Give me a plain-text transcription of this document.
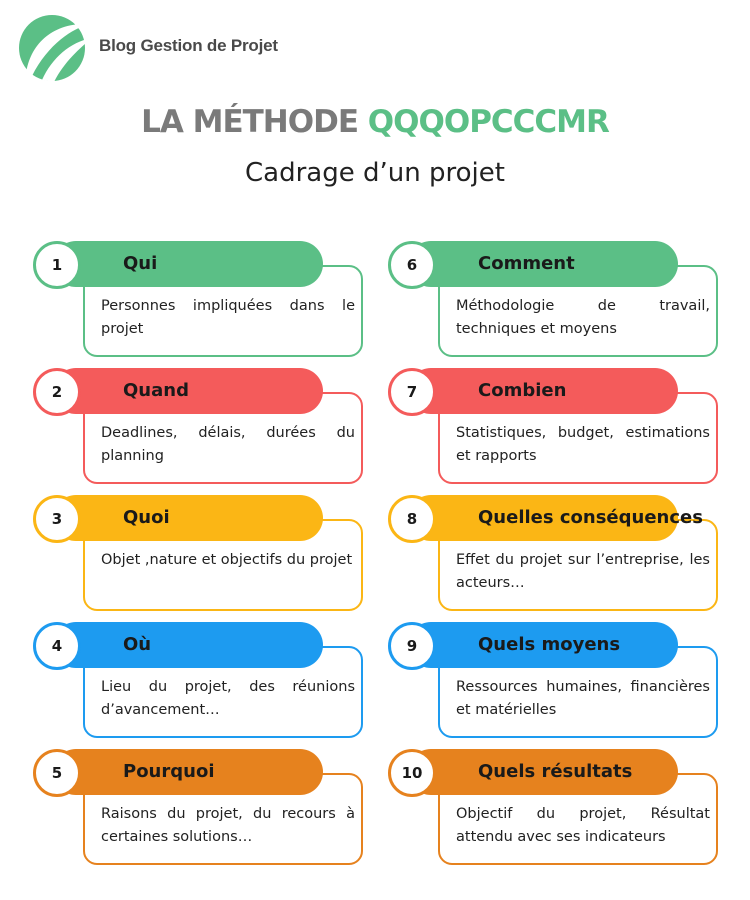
Blog Gestion de Projet
LA MÉTHODE QQQOPCCCMR
Cadrage d’un projet
Qui
1
Personnes impliquées dans le projet
Quand
2
Deadlines, délais, durées du planning
Quoi
3
Objet ,nature et objectifs du projet
Où
4
Lieu du projet, des réunions d’avancement…
Pourquoi
5
Raisons du projet, du recours à certaines solutions…
Comment
6
Méthodologie de travail, techniques et moyens
Combien
7
Statistiques, budget, estimations et rapports
Quelles conséquences
8
Effet du projet sur l’entreprise, les acteurs…
Quels moyens
9
Ressources humaines, financières et matérielles
Quels résultats
10
Objectif du projet, Résultat attendu avec ses indicateurs
